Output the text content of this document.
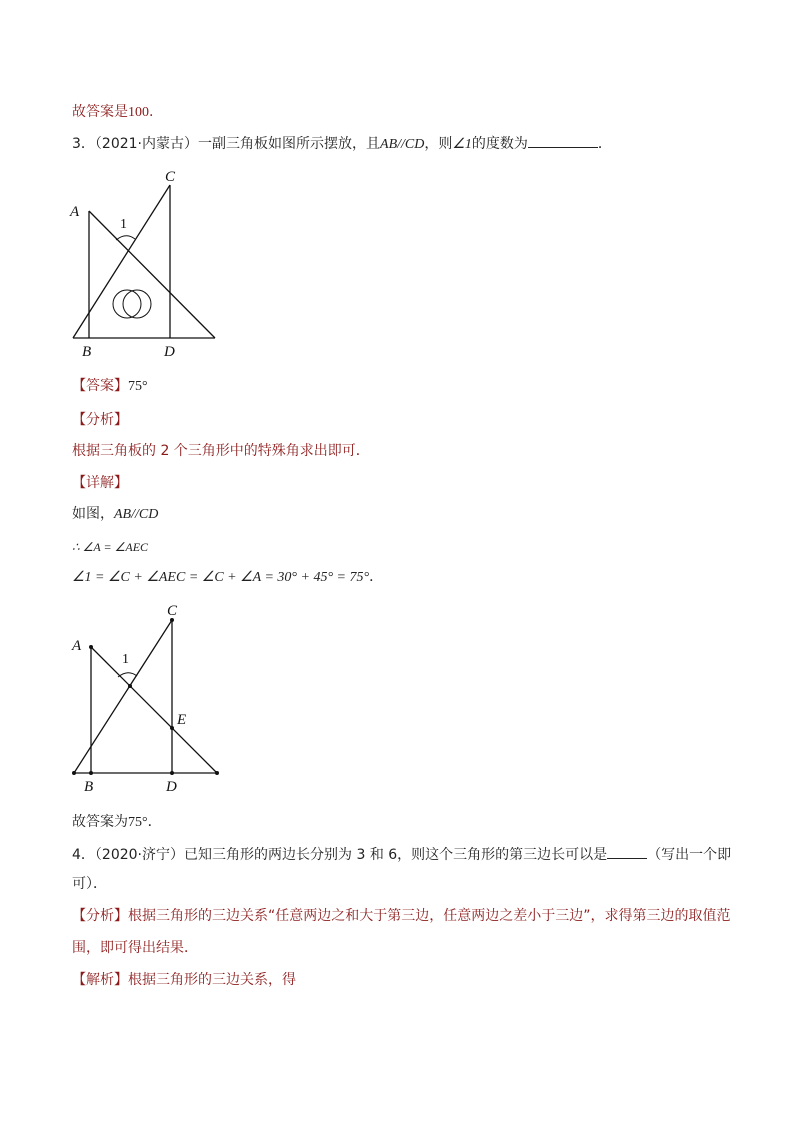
故答案是100.
3．（2021·内蒙古）一副三角板如图所示摆放，且AB//CD，则∠1的度数为	．
A
B
C
D
1
【答案】75°
【分析】
根据三角板的 2 个三角形中的特殊角求出即可．
【详解】
如图，AB//CD
∴ ∠A = ∠AEC
∠1 = ∠C + ∠AEC = ∠C + ∠A = 30° + 45° = 75°．
A
B
C
D
E
1
故答案为75°．
4．（2020·济宁）已知三角形的两边长分别为 3 和 6，则这个三角形的第三边长可以是	（写出一个即
可）．
【分析】根据三角形的三边关系“任意两边之和大于第三边，任意两边之差小于三边”，求得第三边的取值范
围，即可得出结果．
【解析】根据三角形的三边关系，得
